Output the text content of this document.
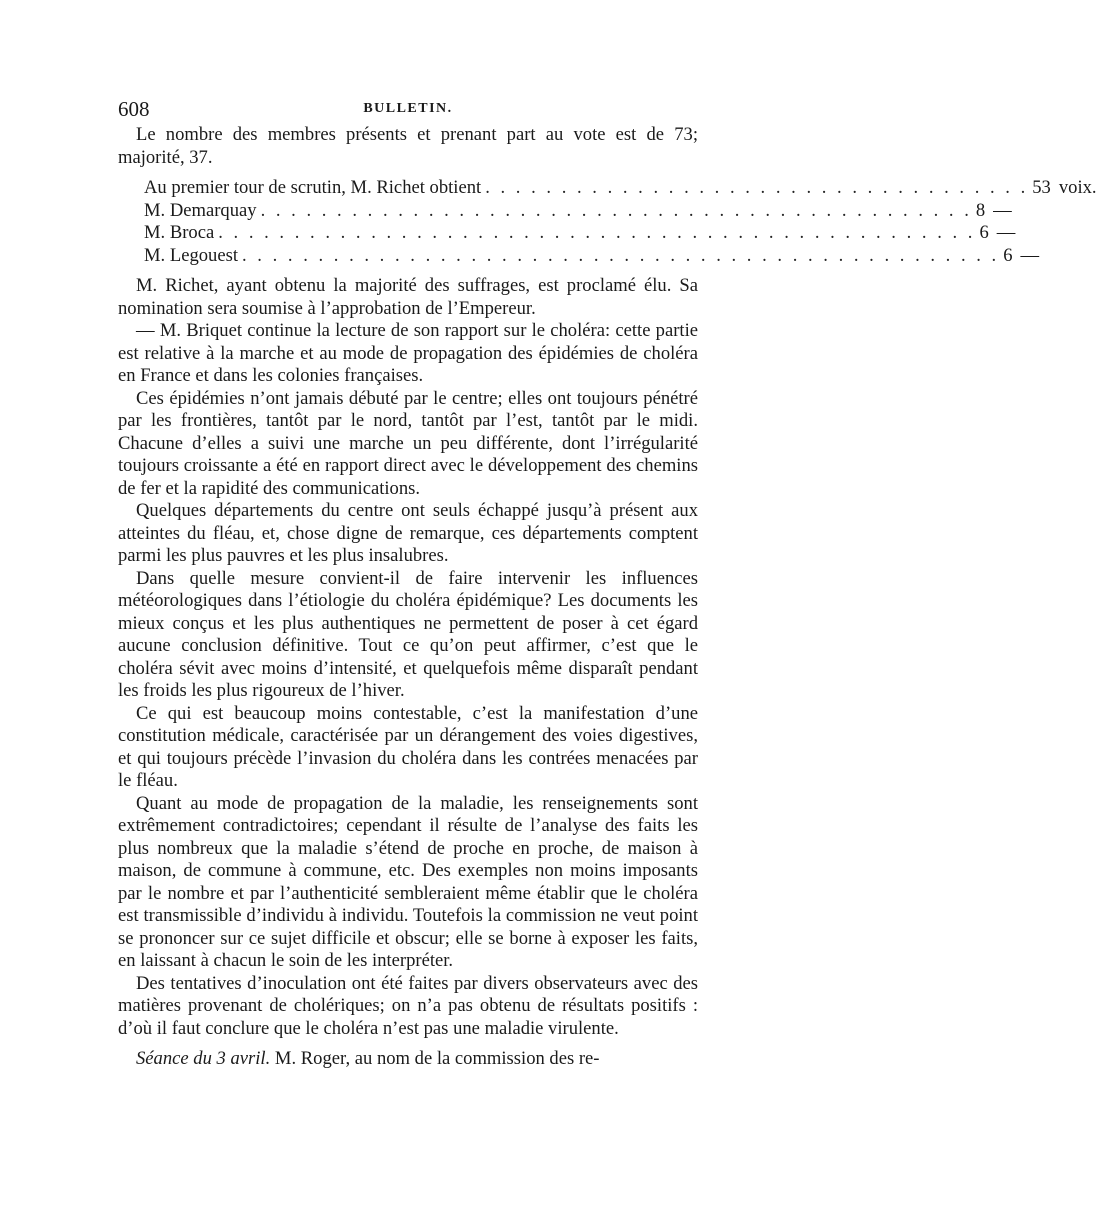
608	BULLETIN.

Le nombre des membres présents et prenant part au vote est de 73; majorité, 37.

Au premier tour de scrutin, M. Richet obtient . . . . . . . . . . . . . . . . . . . . . . . . . . . . . . . . . . . . 53 voix.
M. Demarquay . . . . . . . . . . . . . . . . . . . . . . . . . . . . . . . . . . . . . . . . . . . . . . . 8 —
M. Broca . . . . . . . . . . . . . . . . . . . . . . . . . . . . . . . . . . . . . . . . . . . . . . . . . . 6 —
M. Legouest . . . . . . . . . . . . . . . . . . . . . . . . . . . . . . . . . . . . . . . . . . . . . . . . . . 6 —

M. Richet, ayant obtenu la majorité des suffrages, est proclamé élu. Sa nomination sera soumise à l’approbation de l’Empereur.

— M. Briquet continue la lecture de son rapport sur le choléra: cette partie est relative à la marche et au mode de propagation des épidémies de choléra en France et dans les colonies françaises.

Ces épidémies n’ont jamais débuté par le centre; elles ont toujours pénétré par les frontières, tantôt par le nord, tantôt par l’est, tantôt par le midi. Chacune d’elles a suivi une marche un peu différente, dont l’irrégularité toujours croissante a été en rapport direct avec le développement des chemins de fer et la rapidité des communications.

Quelques départements du centre ont seuls échappé jusqu’à présent aux atteintes du fléau, et, chose digne de remarque, ces départements comptent parmi les plus pauvres et les plus insalubres.

Dans quelle mesure convient-il de faire intervenir les influences météorologiques dans l’étiologie du choléra épidémique? Les documents les mieux conçus et les plus authentiques ne permettent de poser à cet égard aucune conclusion définitive. Tout ce qu’on peut affirmer, c’est que le choléra sévit avec moins d’intensité, et quelquefois même disparaît pendant les froids les plus rigoureux de l’hiver.

Ce qui est beaucoup moins contestable, c’est la manifestation d’une constitution médicale, caractérisée par un dérangement des voies digestives, et qui toujours précède l’invasion du choléra dans les contrées menacées par le fléau.

Quant au mode de propagation de la maladie, les renseignements sont extrêmement contradictoires; cependant il résulte de l’analyse des faits les plus nombreux que la maladie s’étend de proche en proche, de maison à maison, de commune à commune, etc. Des exemples non moins imposants par le nombre et par l’authenticité sembleraient même établir que le choléra est transmissible d’individu à individu. Toutefois la commission ne veut point se prononcer sur ce sujet difficile et obscur; elle se borne à exposer les faits, en laissant à chacun le soin de les interpréter.

Des tentatives d’inoculation ont été faites par divers observateurs avec des matières provenant de cholériques; on n’a pas obtenu de résultats positifs : d’où il faut conclure que le choléra n’est pas une maladie virulente.

Séance du 3 avril. M. Roger, au nom de la commission des re-
